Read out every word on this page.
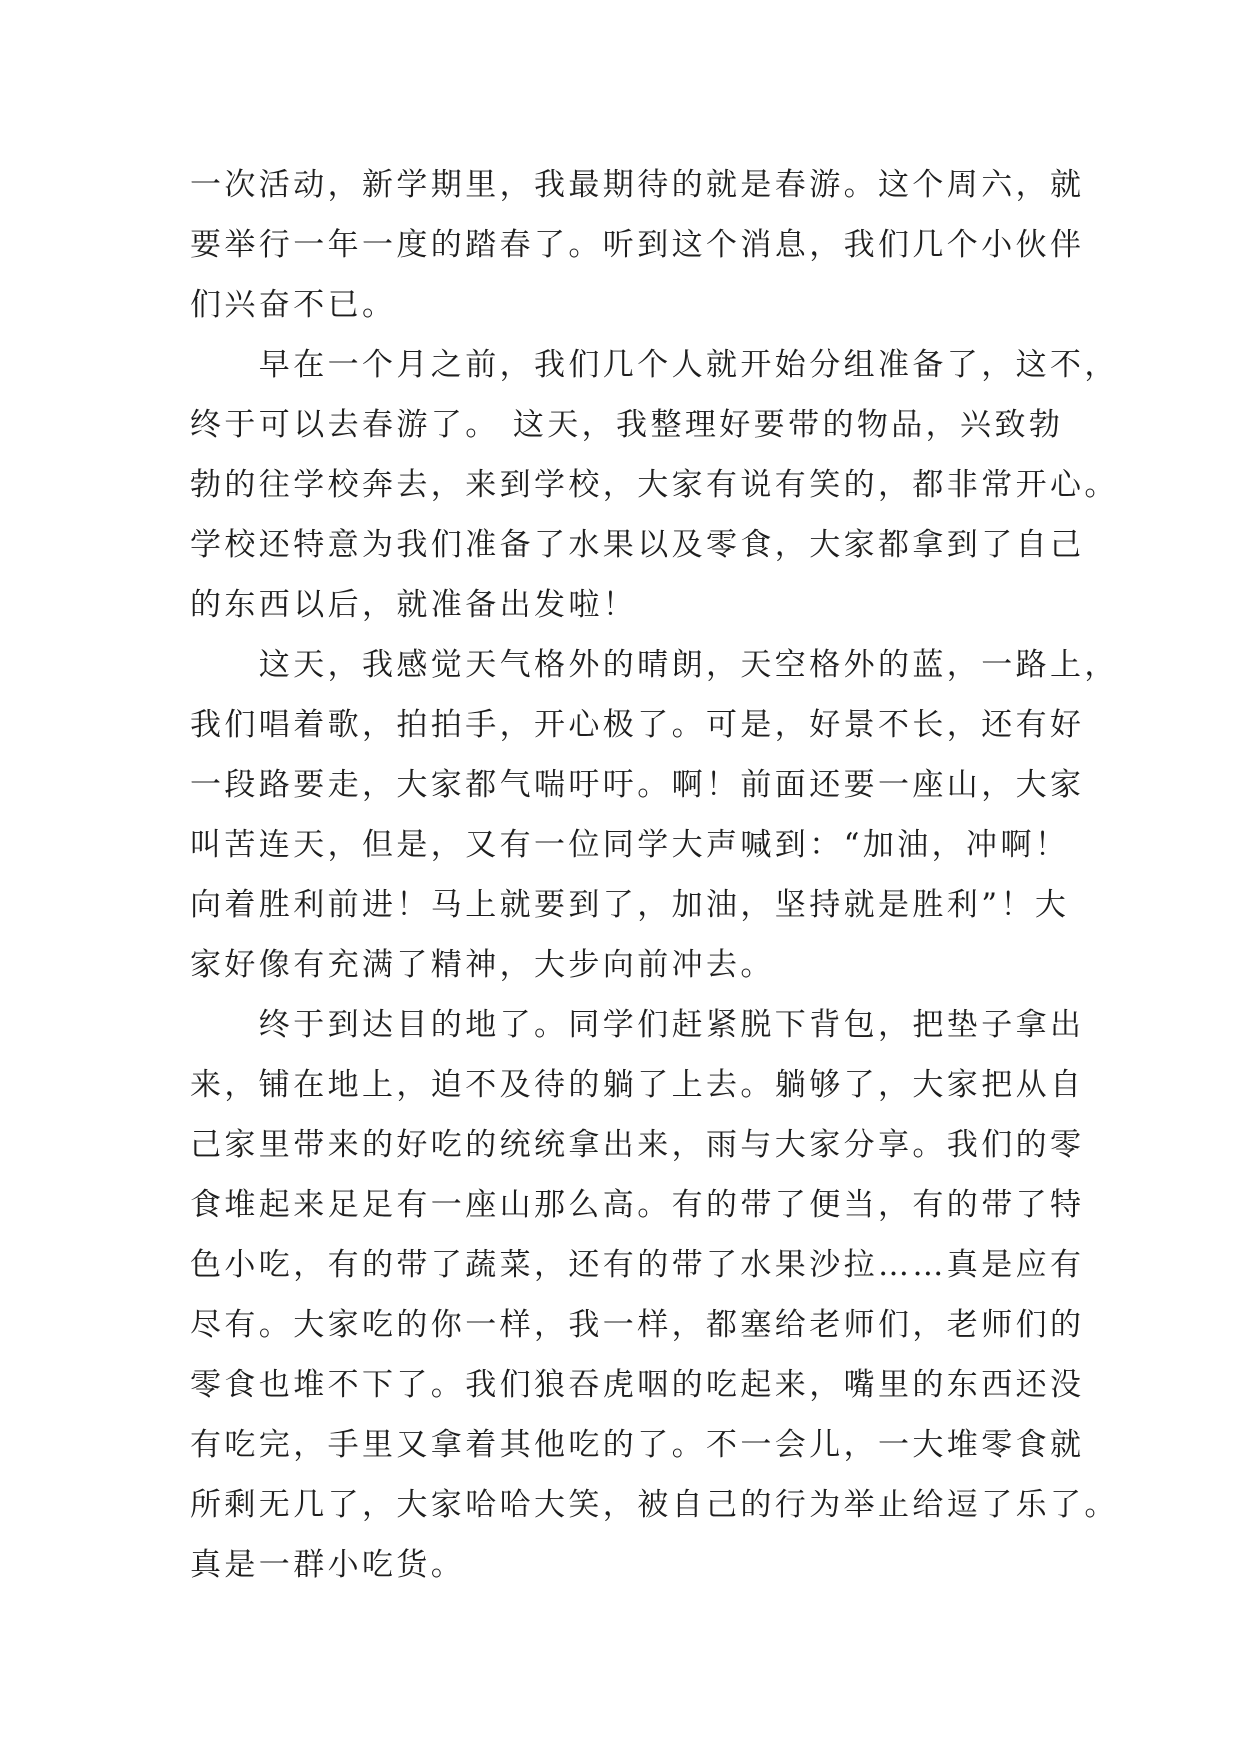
一次活动，新学期里，我最期待的就是春游。这个周六，就
要举行一年一度的踏春了。听到这个消息，我们几个小伙伴
们兴奋不已。
　　早在一个月之前，我们几个人就开始分组准备了，这不，
终于可以去春游了。 这天，我整理好要带的物品，兴致勃
勃的往学校奔去，来到学校，大家有说有笑的，都非常开心。
学校还特意为我们准备了水果以及零食，大家都拿到了自己
的东西以后，就准备出发啦！
　　这天，我感觉天气格外的晴朗，天空格外的蓝，一路上，
我们唱着歌，拍拍手，开心极了。可是，好景不长，还有好
一段路要走，大家都气喘吁吁。啊！前面还要一座山，大家
叫苦连天，但是，又有一位同学大声喊到：“加油，冲啊！
向着胜利前进！马上就要到了，加油，坚持就是胜利”！大
家好像有充满了精神，大步向前冲去。
　　终于到达目的地了。同学们赶紧脱下背包，把垫子拿出
来，铺在地上，迫不及待的躺了上去。躺够了，大家把从自
己家里带来的好吃的统统拿出来，雨与大家分享。我们的零
食堆起来足足有一座山那么高。有的带了便当，有的带了特
色小吃，有的带了蔬菜，还有的带了水果沙拉……真是应有
尽有。大家吃的你一样，我一样，都塞给老师们，老师们的
零食也堆不下了。我们狼吞虎咽的吃起来，嘴里的东西还没
有吃完，手里又拿着其他吃的了。不一会儿，一大堆零食就
所剩无几了，大家哈哈大笑，被自己的行为举止给逗了乐了。
真是一群小吃货。
